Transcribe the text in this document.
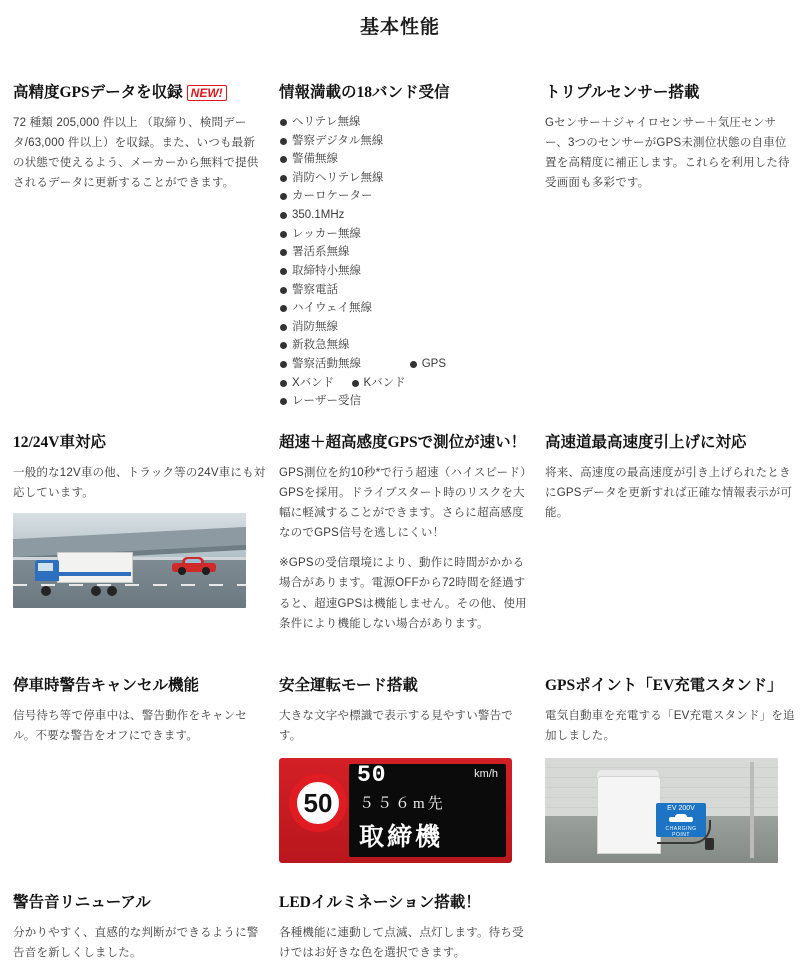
基本性能
高精度GPSデータを収録 NEW!

72 種類 205,000 件以上 （取締り、検問データ/63,000 件以上）を収録。また、いつも最新の状態で使えるよう、メーカーから無料で提供されるデータに更新することができます。

情報満載の18バンド受信
ヘリテレ無線 警察デジタル無線 警備無線 消防ヘリテレ無線 カーロケーター 350.1MHz レッカー無線 署活系無線 取締特小無線 警察電話 ハイウェイ無線 消防無線 新救急無線 警察活動無線	GPS Xバンド	Kバンド レーザー受信
トリプルセンサー搭載

Gセンサー＋ジャイロセンサー＋気圧センサー、3つのセンサーがGPS未測位状態の自車位置を高精度に補正します。これらを利用した待受画面も多彩です。

12/24V車対応

一般的な12V車の他、トラック等の24V車にも対応しています。

超速＋超高感度GPSで測位が速い！

GPS測位を約10秒*で行う超速（ハイスピード）GPSを採用。ドライブスタート時のリスクを大幅に軽減することができます。さらに超高感度なのでGPS信号を逃しにくい！

※GPSの受信環境により、動作に時間がかかる場合があります。電源OFFから72時間を経過すると、超速GPSは機能しません。その他、使用条件により機能しない場合があります。

高速道最高速度引上げに対応

将来、高速度の最高速度が引き上げられたときにGPSデータを更新すれば正確な情報表示が可能。

停車時警告キャンセル機能

信号待ち等で停車中は、警告動作をキャンセル。不要な警告をオフにできます。

安全運転モード搭載

大きな文字や標識で表示する見やすい警告です。

50	km/h
５５６m先
取締機
50
GPSポイント「EV充電スタンド」

電気自動車を充電する「EV充電スタンド」を追加しました。

EV 200V
CHARGING POINT
警告音リニューアル

分かりやすく、直感的な判断ができるように警告音を新しくしました。

LEDイルミネーション搭載！

各種機能に連動して点滅、点灯します。待ち受けではお好きな色を選択できます。
